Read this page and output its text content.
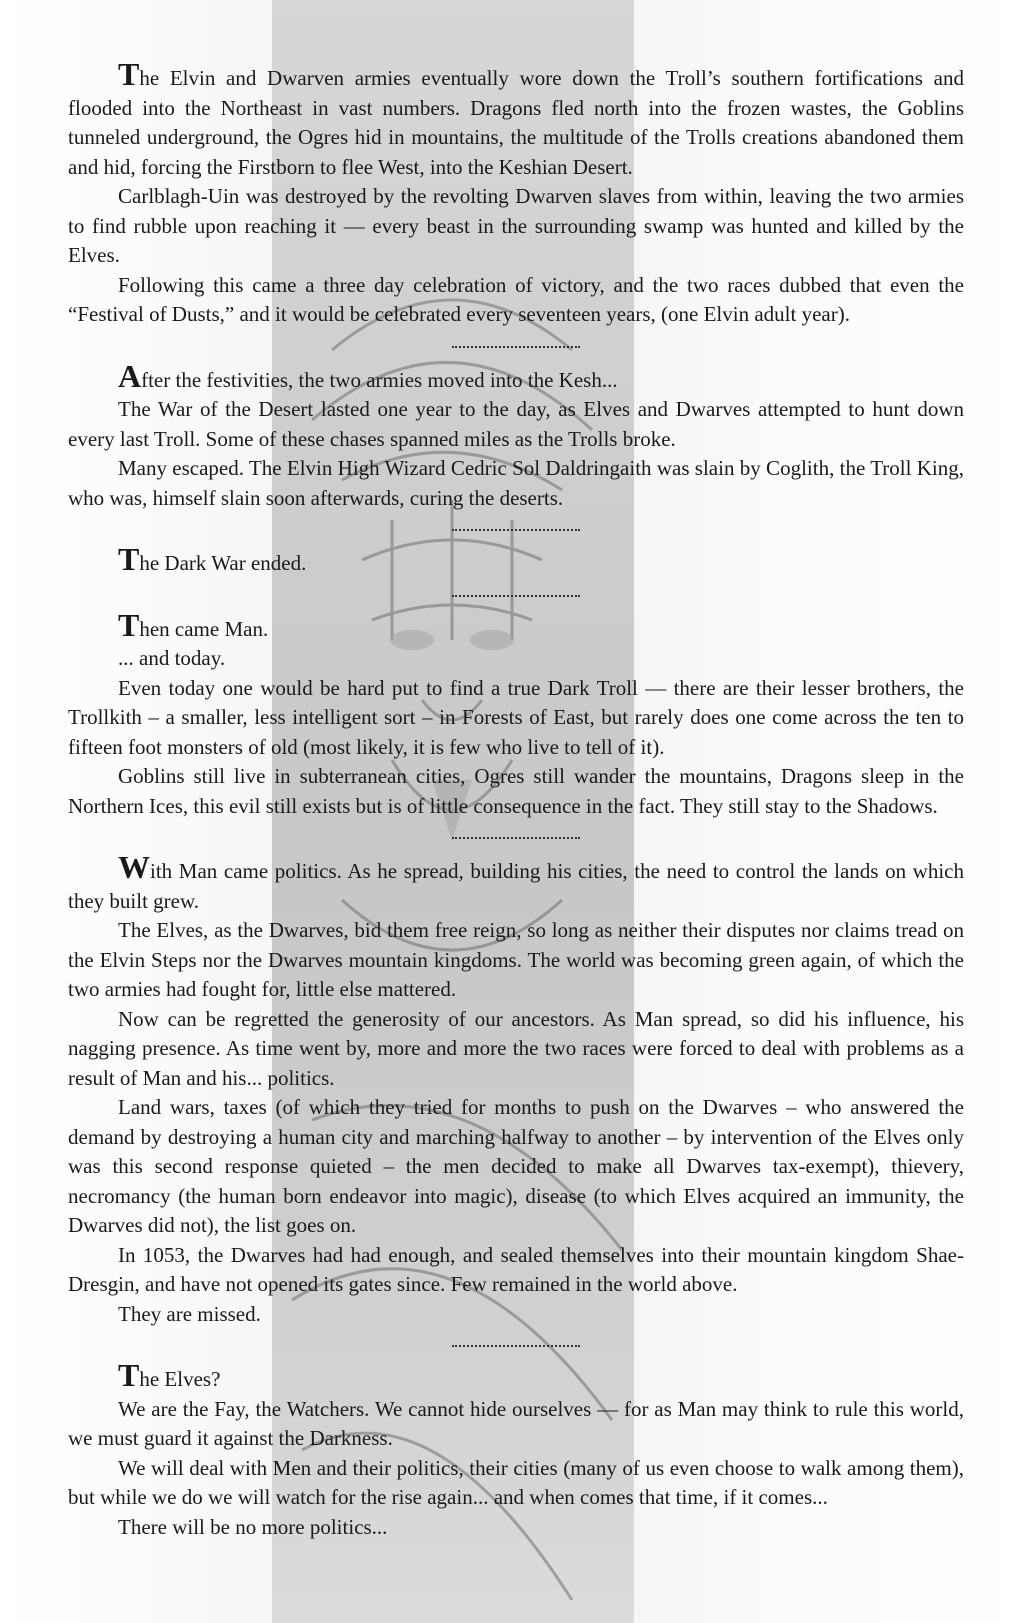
The Elvin and Dwarven armies eventually wore down the Troll’s southern fortifications and flooded into the Northeast in vast numbers. Dragons fled north into the frozen wastes, the Goblins tunneled underground, the Ogres hid in mountains, the multitude of the Trolls creations abandoned them and hid, forcing the Firstborn to flee West, into the Keshian Desert.

Carlblagh-Uin was destroyed by the revolting Dwarven slaves from within, leaving the two armies to find rubble upon reaching it — every beast in the surrounding swamp was hunted and killed by the Elves.

Following this came a three day celebration of victory, and the two races dubbed that even the “Festival of Dusts,” and it would be celebrated every seventeen years, (one Elvin adult year).

After the festivities, the two armies moved into the Kesh...

The War of the Desert lasted one year to the day, as Elves and Dwarves attempted to hunt down every last Troll. Some of these chases spanned miles as the Trolls broke.

Many escaped. The Elvin High Wizard Cedric Sol Daldringaith was slain by Coglith, the Troll King, who was, himself slain soon afterwards, curing the deserts.

The Dark War ended.

Then came Man.

... and today.

Even today one would be hard put to find a true Dark Troll — there are their lesser brothers, the Trollkith – a smaller, less intelligent sort – in Forests of East, but rarely does one come across the ten to fifteen foot monsters of old (most likely, it is few who live to tell of it).

Goblins still live in subterranean cities, Ogres still wander the mountains, Dragons sleep in the Northern Ices, this evil still exists but is of little consequence in the fact. They still stay to the Shadows.

With Man came politics. As he spread, building his cities, the need to control the lands on which they built grew.

The Elves, as the Dwarves, bid them free reign, so long as neither their disputes nor claims tread on the Elvin Steps nor the Dwarves mountain kingdoms. The world was becoming green again, of which the two armies had fought for, little else mattered.

Now can be regretted the generosity of our ancestors. As Man spread, so did his influence, his nagging presence. As time went by, more and more the two races were forced to deal with problems as a result of Man and his... politics.

Land wars, taxes (of which they tried for months to push on the Dwarves – who answered the demand by destroying a human city and marching halfway to another – by intervention of the Elves only was this second response quieted – the men decided to make all Dwarves tax-exempt), thievery, necromancy (the human born endeavor into magic), disease (to which Elves acquired an immunity, the Dwarves did not), the list goes on.

In 1053, the Dwarves had had enough, and sealed themselves into their mountain kingdom Shae-Dresgin, and have not opened its gates since. Few remained in the world above.

They are missed.

The Elves?

We are the Fay, the Watchers. We cannot hide ourselves — for as Man may think to rule this world, we must guard it against the Darkness.

We will deal with Men and their politics, their cities (many of us even choose to walk among them), but while we do we will watch for the rise again... and when comes that time, if it comes...

There will be no more politics...
